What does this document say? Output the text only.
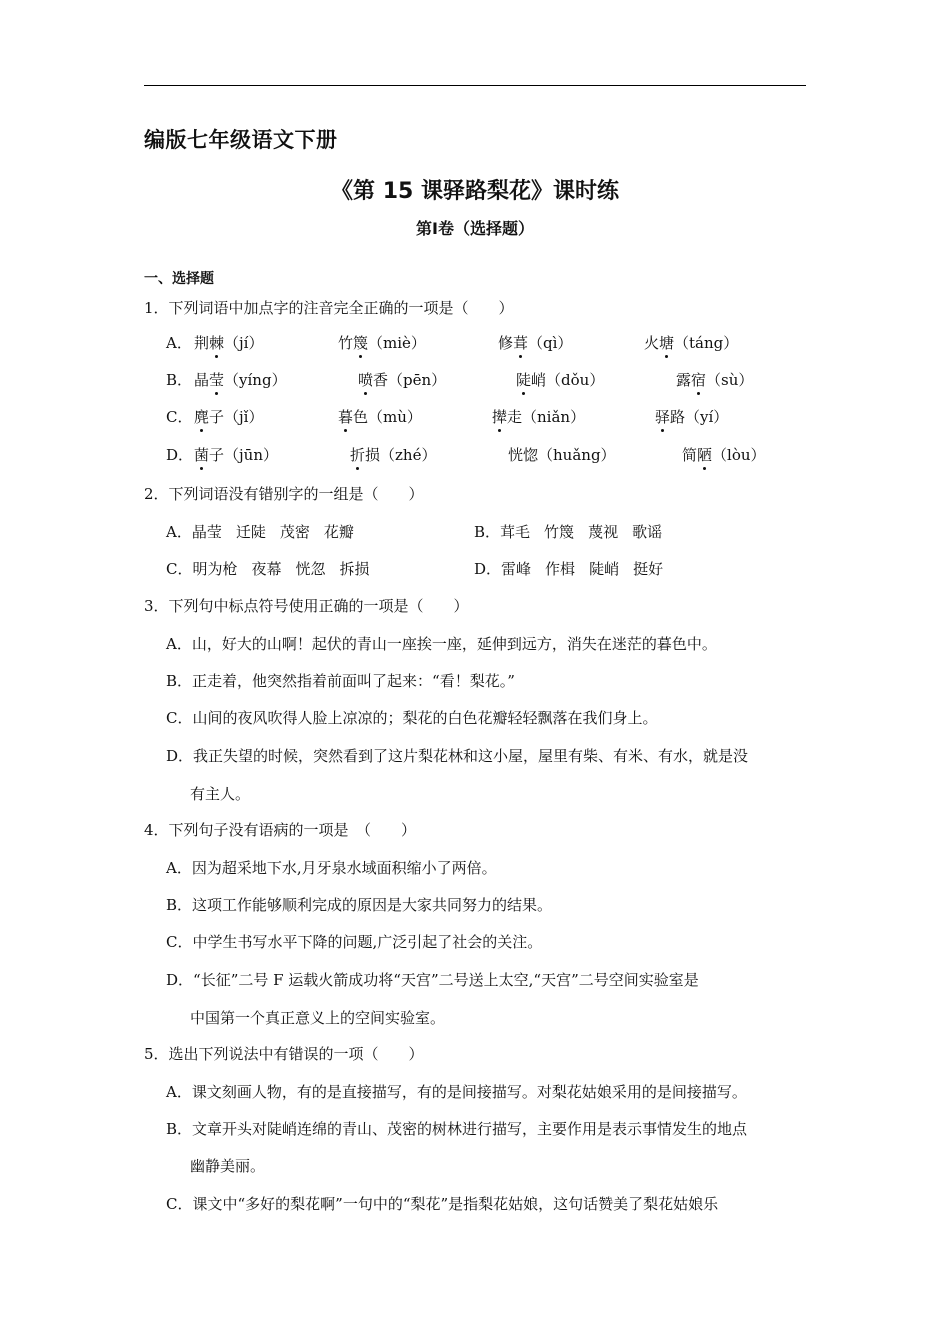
编版七年级语文下册
《第 15 课驿路梨花》课时练
第Ⅰ卷（选择题）
一、选择题
1．下列词语中加点字的注音完全正确的一项是（　　）
A． 荆棘（jí）	竹篾（miè）	修葺（qì）	火塘（táng）
B． 晶莹（yíng）	喷香（pēn）	陡峭（dǒu）	露宿（sù）
C． 麂子（jǐ）	暮色（mù）	撵走（niǎn）	驿路（yí）
D． 菌子（jūn）	折损（zhé）	恍惚（huǎng）	简陋（lòu）
2．下列词语没有错别字的一组是（　　）
A．晶莹 迁陡 茂密 花瓣	B．茸毛 竹篾 蔑视 歌谣
C．明为枪 夜幕 恍忽 拆损	D．雷峰 作楫 陡峭 挺好
3．下列句中标点符号使用正确的一项是（　　）
A．山，好大的山啊！起伏的青山一座挨一座，延伸到远方，消失在迷茫的暮色中。
B．正走着，他突然指着前面叫了起来：“看！梨花。”
C．山间的夜风吹得人脸上凉凉的；梨花的白色花瓣轻轻飘落在我们身上。
D．我正失望的时候，突然看到了这片梨花林和这小屋，屋里有柴、有米、有水，就是没
有主人。
4．下列句子没有语病的一项是　（　　）
A．因为超采地下水,月牙泉水域面积缩小了两倍。
B．这项工作能够顺利完成的原因是大家共同努力的结果。
C．中学生书写水平下降的问题,广泛引起了社会的关注。
D．“长征”二号 F 运载火箭成功将“天宫”二号送上太空,“天宫”二号空间实验室是
中国第一个真正意义上的空间实验室。
5．选出下列说法中有错误的一项（　　）
A．课文刻画人物，有的是直接描写，有的是间接描写。对梨花姑娘采用的是间接描写。
B．文章开头对陡峭连绵的青山、茂密的树林进行描写，主要作用是表示事情发生的地点
幽静美丽。
C．课文中“多好的梨花啊”一句中的“梨花”是指梨花姑娘，这句话赞美了梨花姑娘乐
